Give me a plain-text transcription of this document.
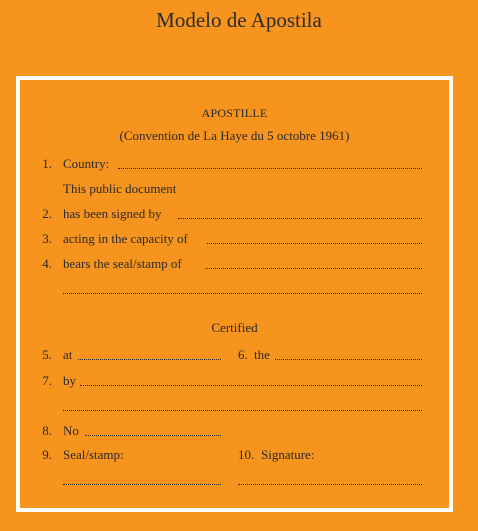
Modelo de Apostila
APOSTILLE
(Convention de La Haye du 5 octobre 1961)
1. Country:
This public document
2. has been signed by
3. acting in the capacity of
4. bears the seal/stamp of
Certified
5. at	6. the
7. by
8. No
9. Seal/stamp:	10. Signature:
